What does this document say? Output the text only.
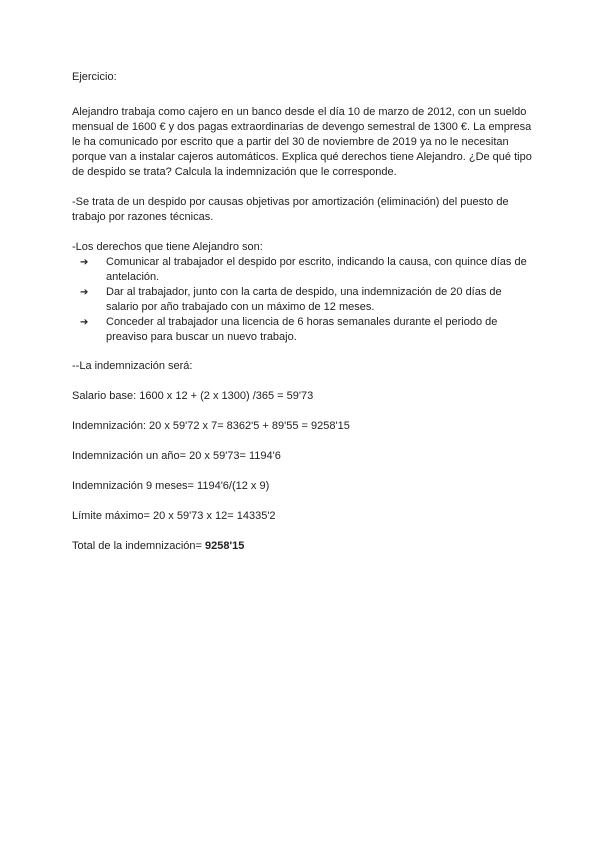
Ejercicio:

Alejandro trabaja como cajero en un banco desde el día 10 de marzo de 2012, con un sueldo mensual de 1600 € y dos pagas extraordinarias de devengo semestral de 1300 €. La empresa le ha comunicado por escrito que a partir del 30 de noviembre de 2019 ya no le necesitan porque van a instalar cajeros automáticos. Explica qué derechos tiene Alejandro. ¿De qué tipo de despido se trata? Calcula la indemnización que le corresponde.

-Se trata de un despido por causas objetivas por amortización (eliminación) del puesto de trabajo por razones técnicas.

-Los derechos que tiene Alejandro son:

➔ Comunicar al trabajador el despido por escrito, indicando la causa, con quince días de antelación.
➔ Dar al trabajador, junto con la carta de despido, una indemnización de 20 días de salario por año trabajado con un máximo de 12 meses.
➔ Conceder al trabajador una licencia de 6 horas semanales durante el periodo de preaviso para buscar un nuevo trabajo.

--La indemnización será:

Salario base: 1600 x 12 + (2 x 1300) /365 = 59'73

Indemnización: 20 x 59'72 x 7= 8362'5 + 89'55 = 9258'15

Indemnización un año= 20 x 59'73= 1194'6

Indemnización 9 meses= 1194'6/(12 x 9)

Límite máximo= 20 x 59'73 x 12= 14335'2

Total de la indemnización= 9258'15
